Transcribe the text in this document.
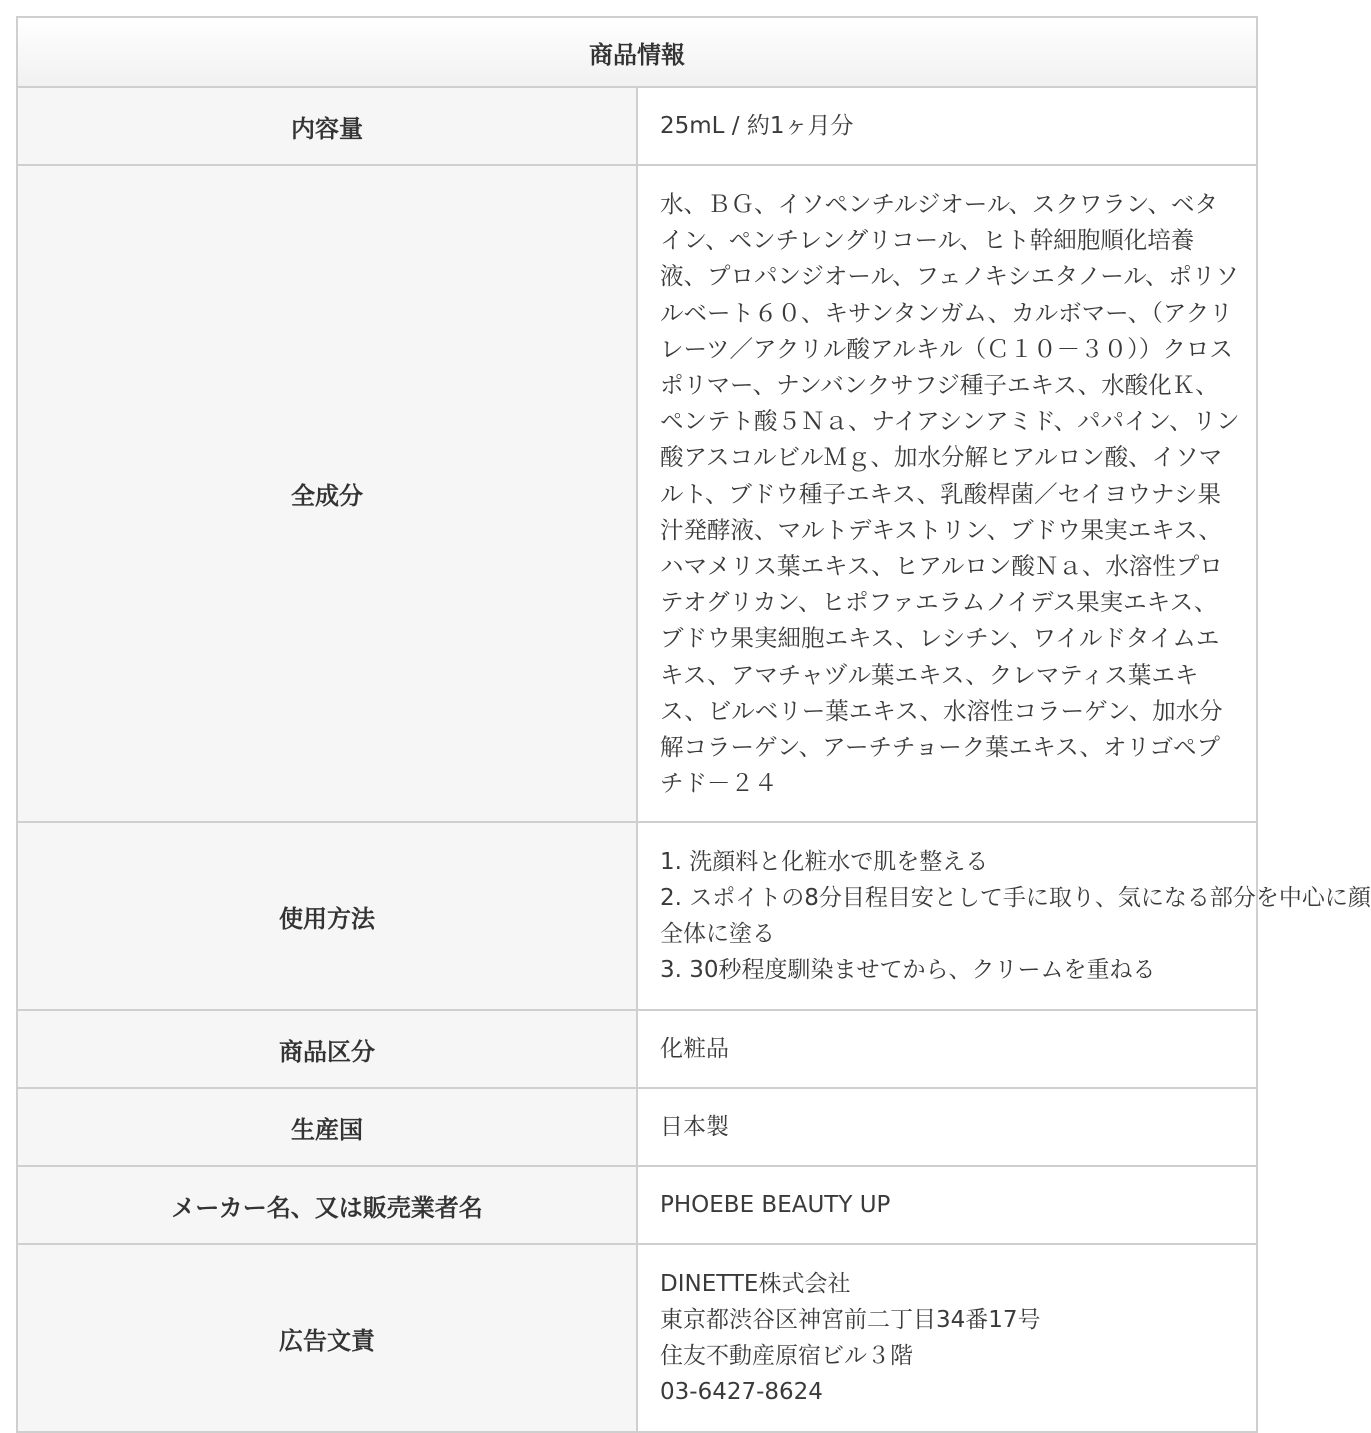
商品情報	
内容量	25mL / 約1ヶ月分
全成分	水、ＢＧ、イソペンチルジオール、スクワラン、ベタイン、ペンチレングリコール、ヒト幹細胞順化培養液、プロパンジオール、フェノキシエタノール、ポリソルベート６０、キサンタンガム、カルボマー、（アクリレーツ／アクリル酸アルキル（Ｃ１０－３０））クロスポリマー、ナンバンクサフジ種子エキス、水酸化Ｋ、ペンテト酸５Ｎａ、ナイアシンアミド、パパイン、リン酸アスコルビルＭｇ、加水分解ヒアルロン酸、イソマルト、ブドウ種子エキス、乳酸桿菌／セイヨウナシ果汁発酵液、マルトデキストリン、ブドウ果実エキス、ハマメリス葉エキス、ヒアルロン酸Ｎａ、水溶性プロテオグリカン、ヒポファエラムノイデス果実エキス、ブドウ果実細胞エキス、レシチン、ワイルドタイムエキス、アマチャヅル葉エキス、クレマティス葉エキス、ビルベリー葉エキス、水溶性コラーゲン、加水分解コラーゲン、アーチチョーク葉エキス、オリゴペプチド－２４

使用方法	1. 洗顔料と化粧水で肌を整える
2. スポイトの8分目程目安として手に取り、気になる部分を中心に顔
全体に塗る
3. 30秒程度馴染ませてから、クリームを重ねる

商品区分	化粧品
生産国	日本製
メーカー名、又は販売業者名	PHOEBE BEAUTY UP
広告文責	DINETTE株式会社
東京都渋谷区神宮前二丁目34番17号
住友不動産原宿ビル３階
03-6427-8624
